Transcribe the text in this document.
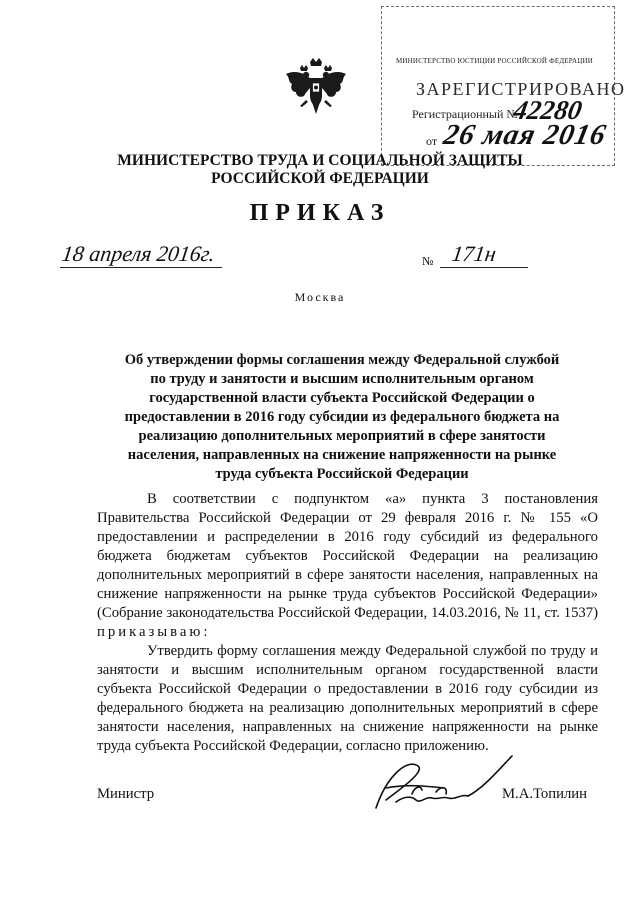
МИНИСТЕРСТВО ЮСТИЦИИ РОССИЙСКОЙ ФЕДЕРАЦИИ
ЗАРЕГИСТРИРОВАНО
Регистрационный №
42280
от 26 мая 2016
МИНИСТЕРСТВО ТРУДА И СОЦИАЛЬНОЙ ЗАЩИТЫ
РОССИЙСКОЙ ФЕДЕРАЦИИ
ПРИКАЗ
18 апреля 2016г.	№ 171н
Москва
Об утверждении формы соглашения между Федеральной службой по труду и занятости и высшим исполнительным органом государственной власти субъекта Российской Федерации о предоставлении в 2016 году субсидии из федерального бюджета на реализацию дополнительных мероприятий в сфере занятости населения, направленных на снижение напряженности на рынке труда субъекта Российской Федерации

В соответствии с подпунктом «а» пункта 3 постановления Правительства Российской Федерации от 29 февраля 2016 г. № 155 «О предоставлении и распределении в 2016 году субсидий из федерального бюджета бюджетам субъектов Российской Федерации на реализацию дополнительных мероприятий в сфере занятости населения, направленных на снижение напряженности на рынке труда субъектов Российской Федерации» (Собрание законодательства Российской Федерации, 14.03.2016, № 11, ст. 1537) приказываю:

Утвердить форму соглашения между Федеральной службой по труду и занятости и высшим исполнительным органом государственной власти субъекта Российской Федерации о предоставлении в 2016 году субсидии из федерального бюджета на реализацию дополнительных мероприятий в сфере занятости населения, направленных на снижение напряженности на рынке труда субъекта Российской Федерации, согласно приложению.

Министр	М.А.Топилин
